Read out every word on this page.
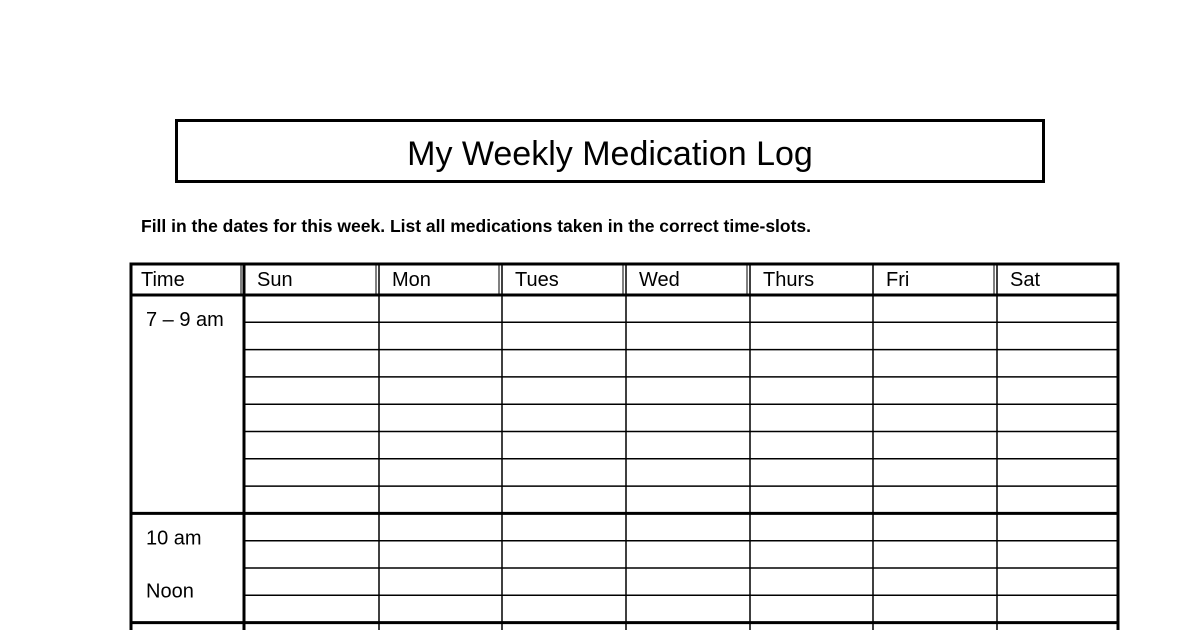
My Weekly Medication Log
Fill in the dates for this week. List all medications taken in the correct time-slots.
Time	Sun	Mon	Tues	Wed	Thurs	Fri	Sat
7 – 9 am
10 am
Noon
